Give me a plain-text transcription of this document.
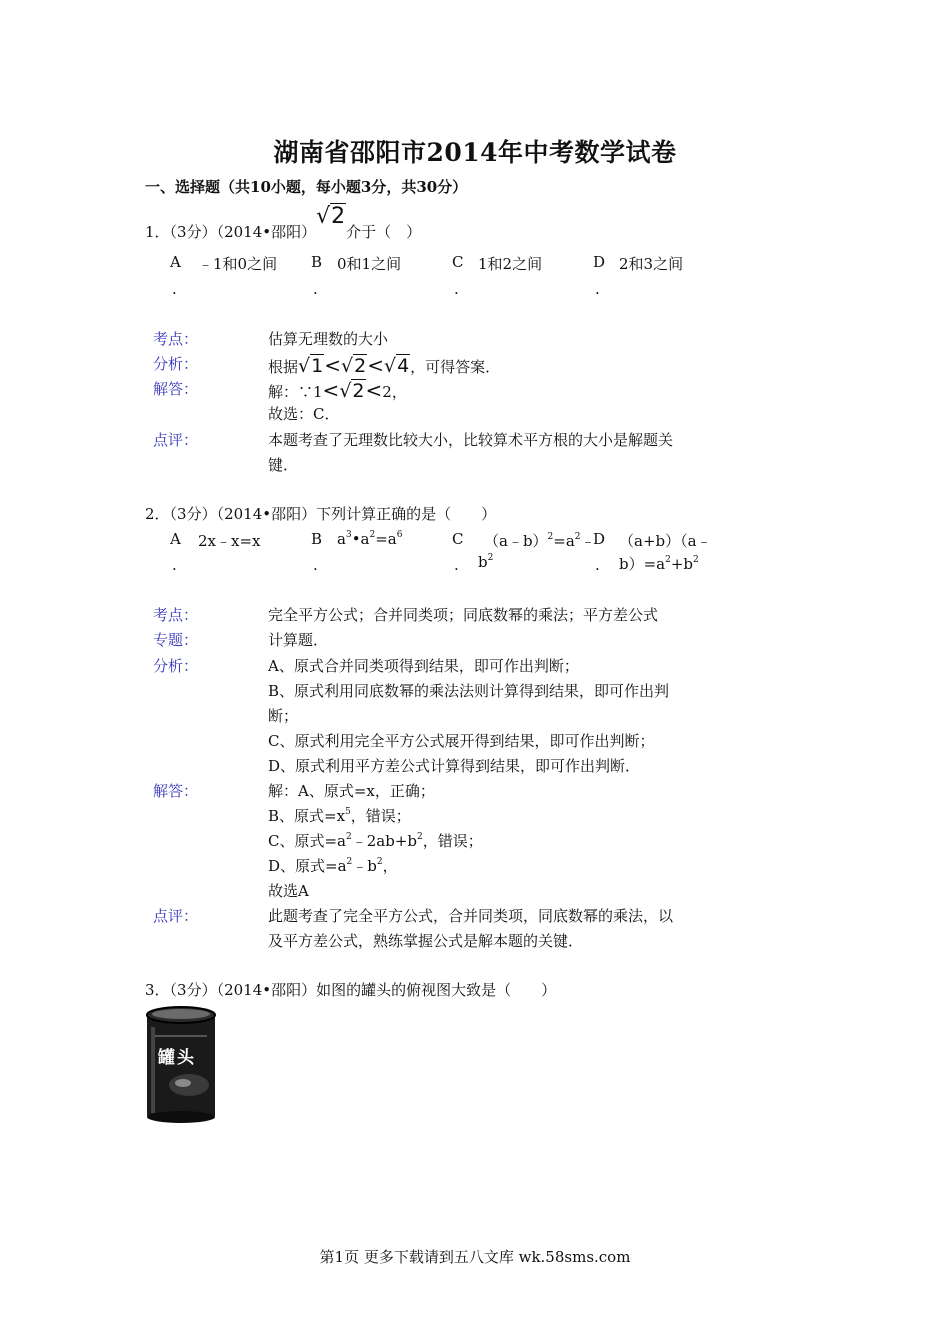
湖南省邵阳市2014年中考数学试卷
一、选择题（共10小题，每小题3分，共30分）
1．（3分）（2014•邵阳）√2介于（　）
A ﹣1和0之间
.
B 0和1之间
.
C 1和2之间
.
D 2和3之间
.
考点：	估算无理数的大小
分析：	根据√1<√2<√4，可得答案．
解答：	解：∵1<√2<2，
故选：C．
点评：	本题考查了无理数比较大小，比较算术平方根的大小是解题关
键．
2．（3分）（2014•邵阳）下列计算正确的是（　　）
A 2x﹣x=x
.
B $a^3•a^2=a^6$
.
C $(a﹣b)^2=a^2﹣$
. $b^2$
D （a+b）（a﹣
. $b)=a^2+b^2$
考点：	完全平方公式；合并同类项；同底数幂的乘法；平方差公式
专题：	计算题．
分析：	A、原式合并同类项得到结果，即可作出判断；
B、原式利用同底数幂的乘法法则计算得到结果，即可作出判
断；
C、原式利用完全平方公式展开得到结果，即可作出判断；
D、原式利用平方差公式计算得到结果，即可作出判断．
解答：	解：A、原式=x，正确；
B、原式$=x^5$，错误；
C、原式$=a^2﹣2ab+b^2$，错误；
D、原式$=a^2﹣b^2$，
故选A
点评：	此题考查了完全平方公式，合并同类项，同底数幂的乘法，以
及平方差公式，熟练掌握公式是解本题的关键．
3．（3分）（2014•邵阳）如图的罐头的俯视图大致是（　　）
罐头
第1页 更多下载请到五八文库 wk.58sms.com
